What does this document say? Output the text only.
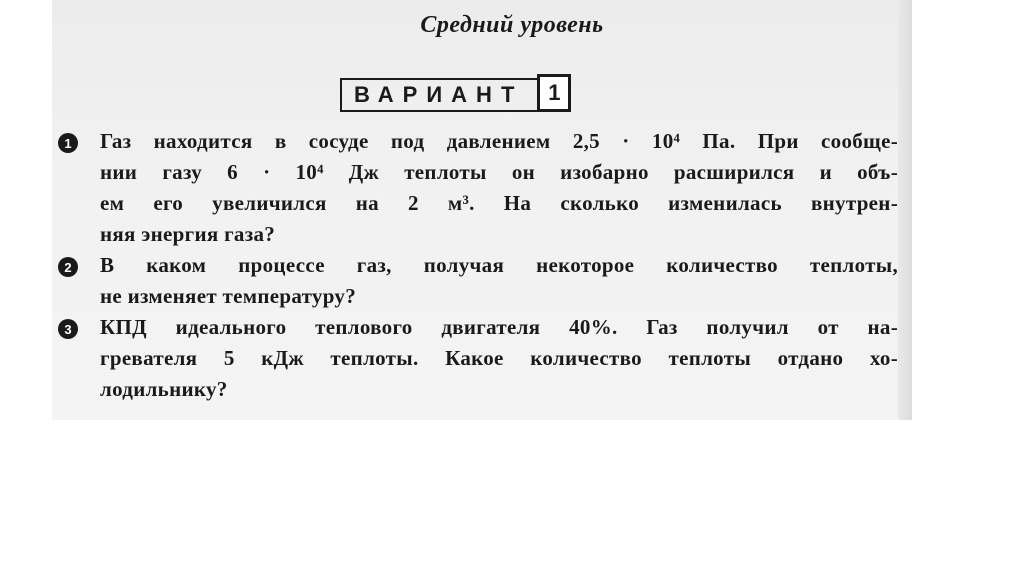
Средний уровень
ВАРИАНТ	1
1	Газ находится в сосуде под давлением 2,5 · 10⁴ Па. При сообще-
нии газу 6 · 10⁴ Дж теплоты он изобарно расширился и объ-
ем его увеличился на 2 м³. На сколько изменилась внутрен-
няя энергия газа?
2	В каком процессе газ, получая некоторое количество теплоты,
не изменяет температуру?
3	КПД идеального теплового двигателя 40%. Газ получил от на-
гревателя 5 кДж теплоты. Какое количество теплоты отдано хо-
лодильнику?
